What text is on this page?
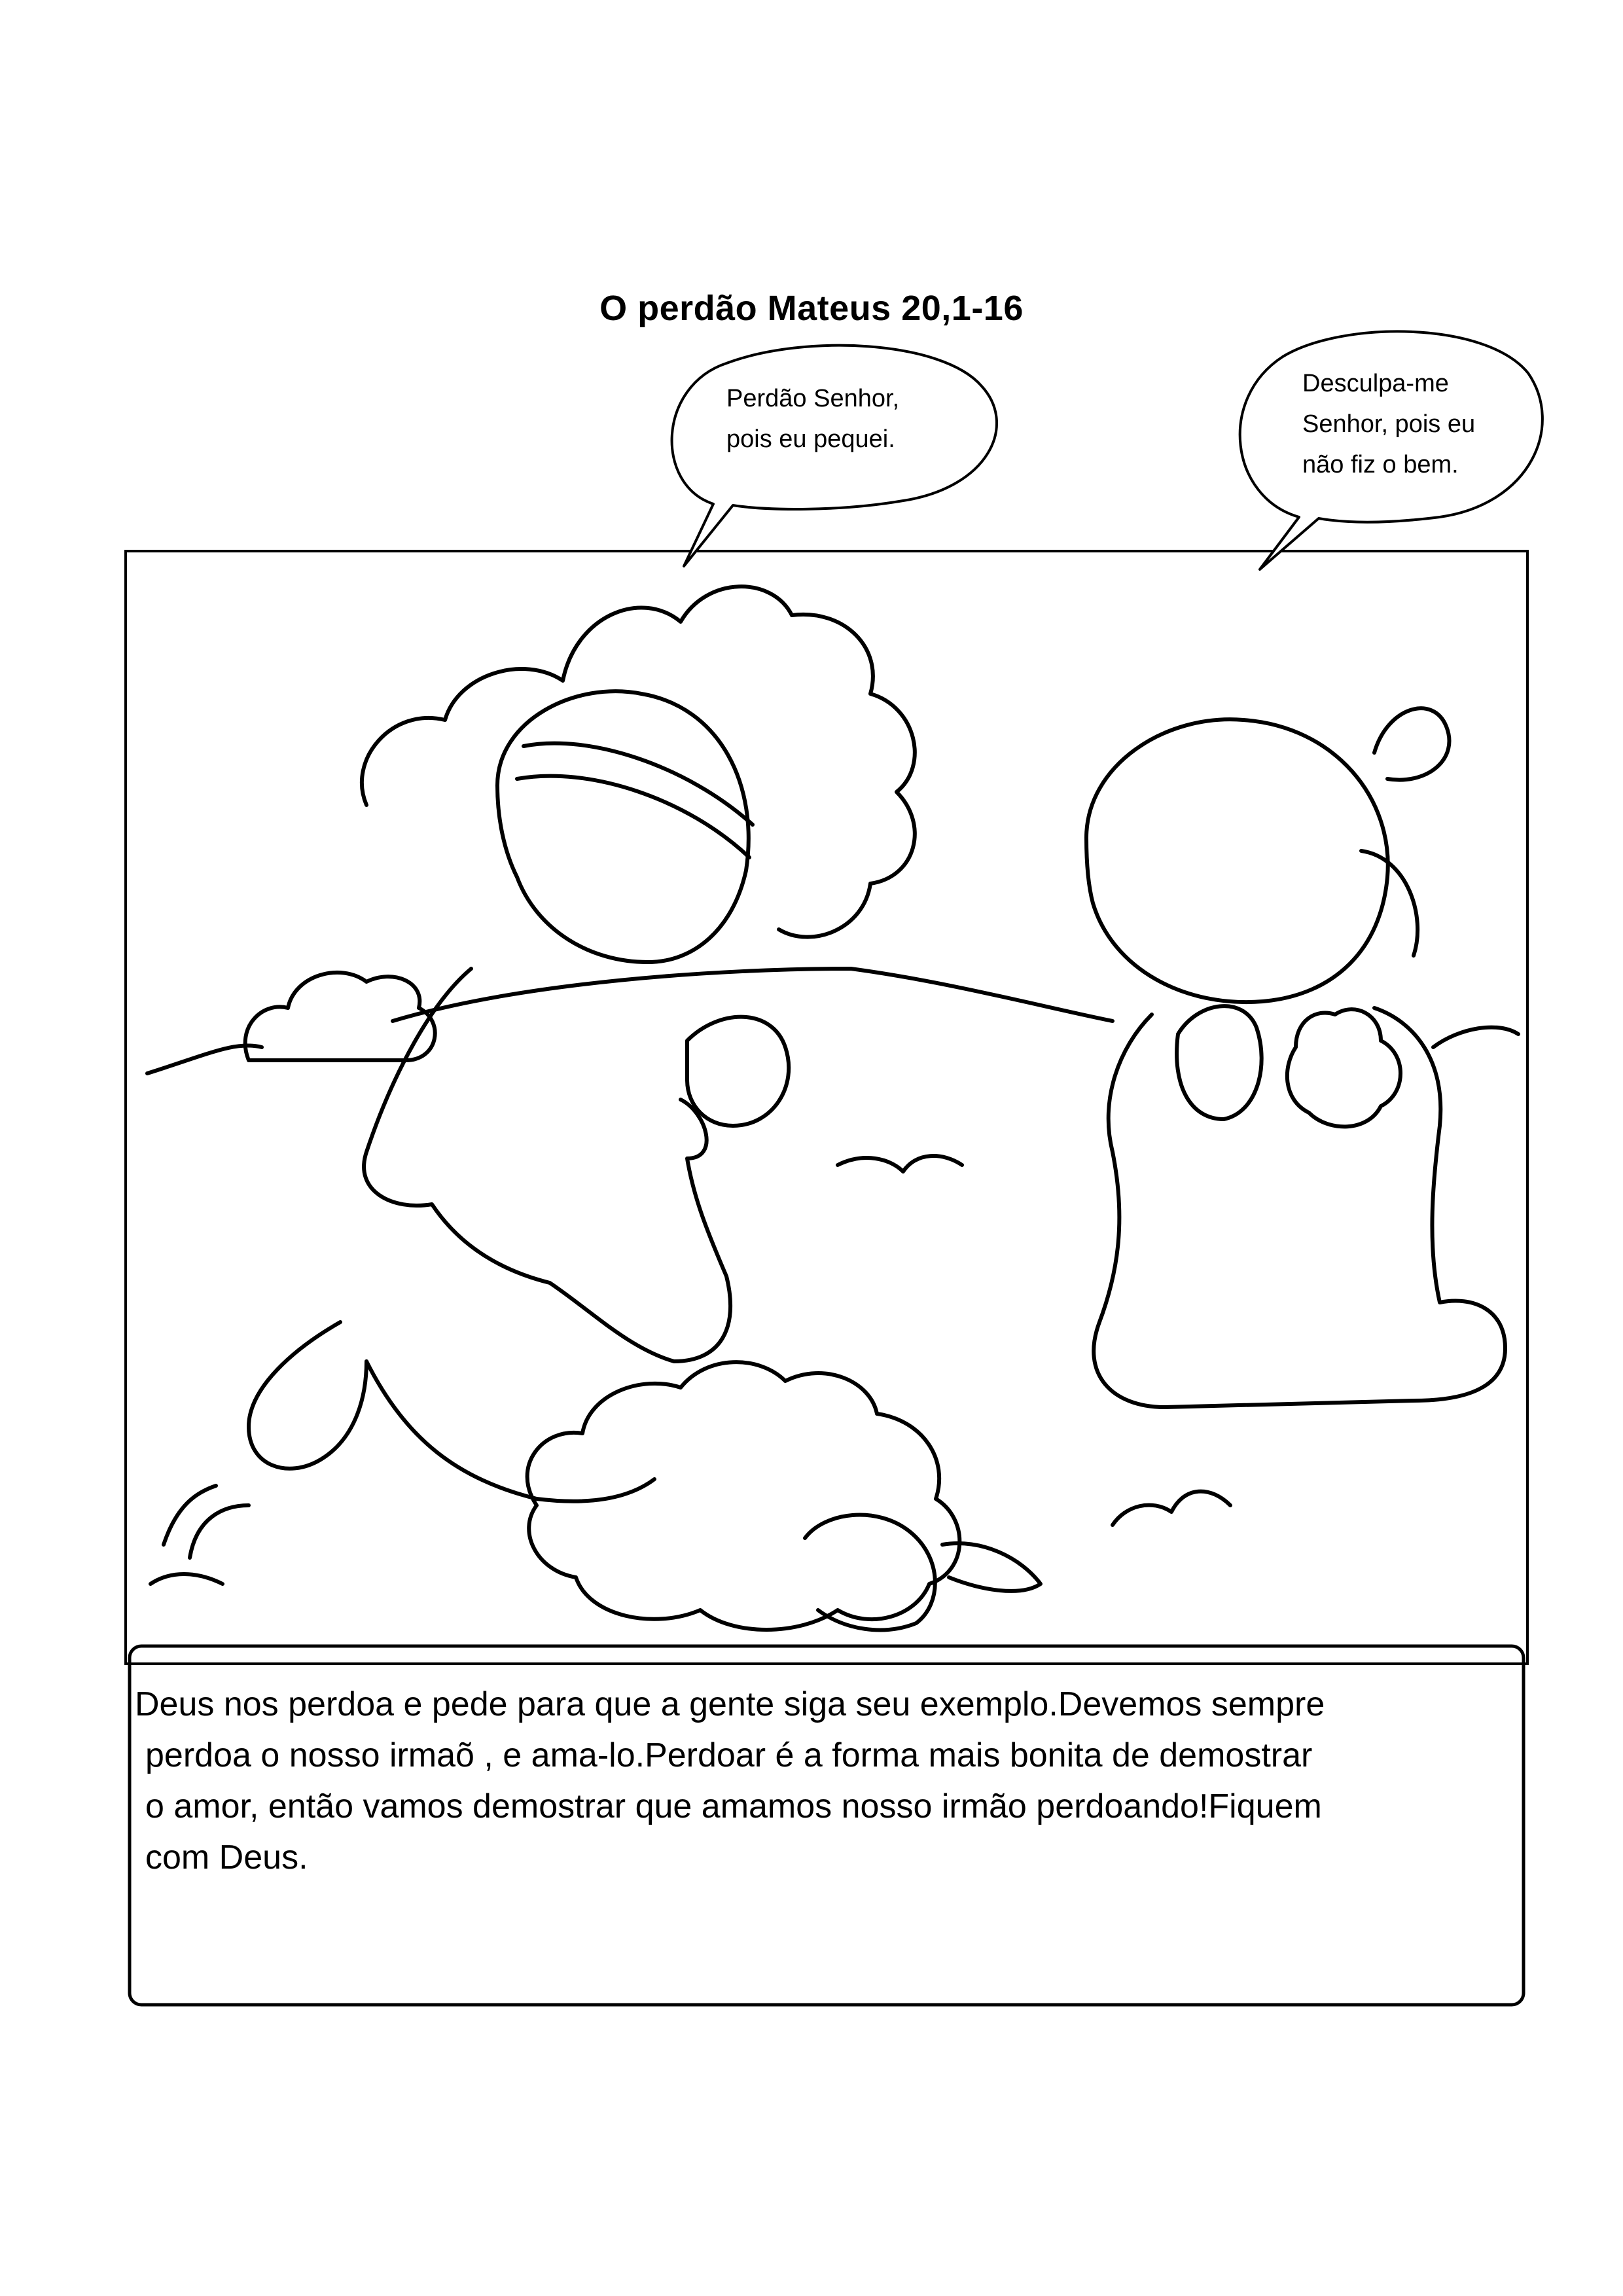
O perdão Mateus 20,1-16
Perdão Senhor,
pois eu pequei.
Desculpa-me
Senhor, pois eu
não fiz o bem.
Deus nos perdoa e pede para que a gente siga seu exemplo.Devemos sempre
perdoa o nosso irmaõ , e ama-lo.Perdoar é a forma mais bonita de demostrar
o amor, então vamos demostrar que amamos nosso irmão perdoando!Fiquem
com Deus.
